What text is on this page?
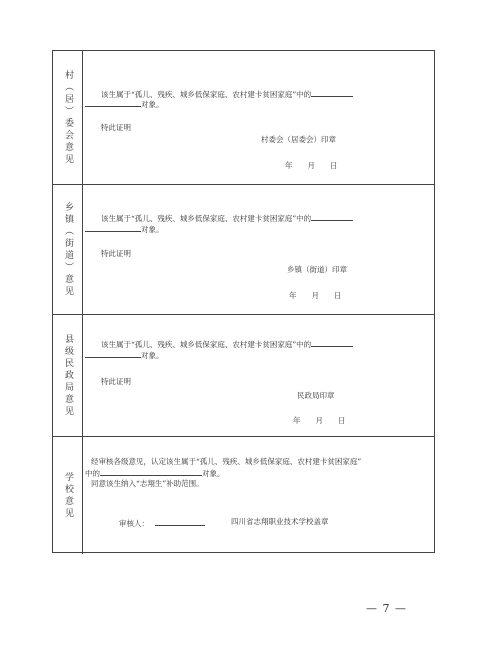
村（居）委会意见	该生属于“孤儿、残疾、城乡低保家庭、农村建卡贫困家庭”中的
对象。
特此证明
村委会（居委会）印章
年　　月　　日
乡镇（街道）意见	该生属于“孤儿、残疾、城乡低保家庭、农村建卡贫困家庭”中的
对象。
特此证明
乡镇（街道）印章
年　　月　　日
县级民政局意见	该生属于“孤儿、残疾、城乡低保家庭、农村建卡贫困家庭”中的
对象。
特此证明
民政局印章
年　　月　　日
学校意见
经审核各级意见，认定该生属于“孤儿、残疾、城乡低保家庭、农村建卡贫困家庭”
中的	对象。
同意该生纳入“志翔生”补助范围。
审核人：	四川省志翔职业技术学校盖章
— 7 —
